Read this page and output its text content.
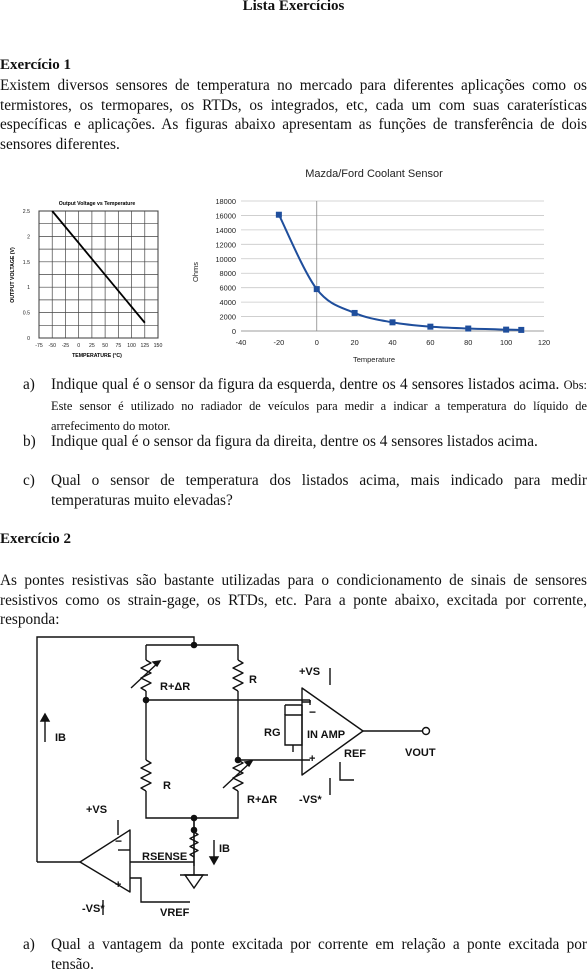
Lista Exercícios
Exercício 1
Existem diversos sensores de temperatura no mercado para diferentes aplicações como os termistores, os termopares, os RTDs, os integrados, etc, cada um com suas caraterísticas específicas e aplicações. As figuras abaixo apresentam as funções de transferência de dois sensores diferentes.
Output Voltage vs Temperature
-75 -50 -25 0 25 50 75 100 125 150
0
0.5
1
1.5
2
2.5
TEMPERATURE (°C)
OUTPUT VOLTAGE (V)
Mazda/Ford Coolant Sensor
-40	-20	0	20	40	60	80	100	120
0
2000
4000
6000
8000
10000
12000
14000
16000
18000
Temperature
Ohms
a) Indique qual é o sensor da figura da esquerda, dentre os 4 sensores listados acima. Obs: Este sensor é utilizado no radiador de veículos para medir a indicar a temperatura do líquido de arrefecimento do motor.
b) Indique qual é o sensor da figura da direita, dentre os 4 sensores listados acima.
c) Qual o sensor de temperatura dos listados acima, mais indicado para medir temperaturas muito elevadas?
Exercício 2
As pontes resistivas são bastante utilizadas para o condicionamento de sinais de sensores resistivos como os strain-gage, os RTDs, etc. Para a ponte abaixo, excitada por corrente, responda:
R+ΔR
R
R
R+ΔR
+VS
-VS*
RG IN AMP
−
+	REF	VOUT
IB
IB
+VS
-VS*
RSENSE
VREF
−
+
a) Qual a vantagem da ponte excitada por corrente em relação a ponte excitada por tensão.
